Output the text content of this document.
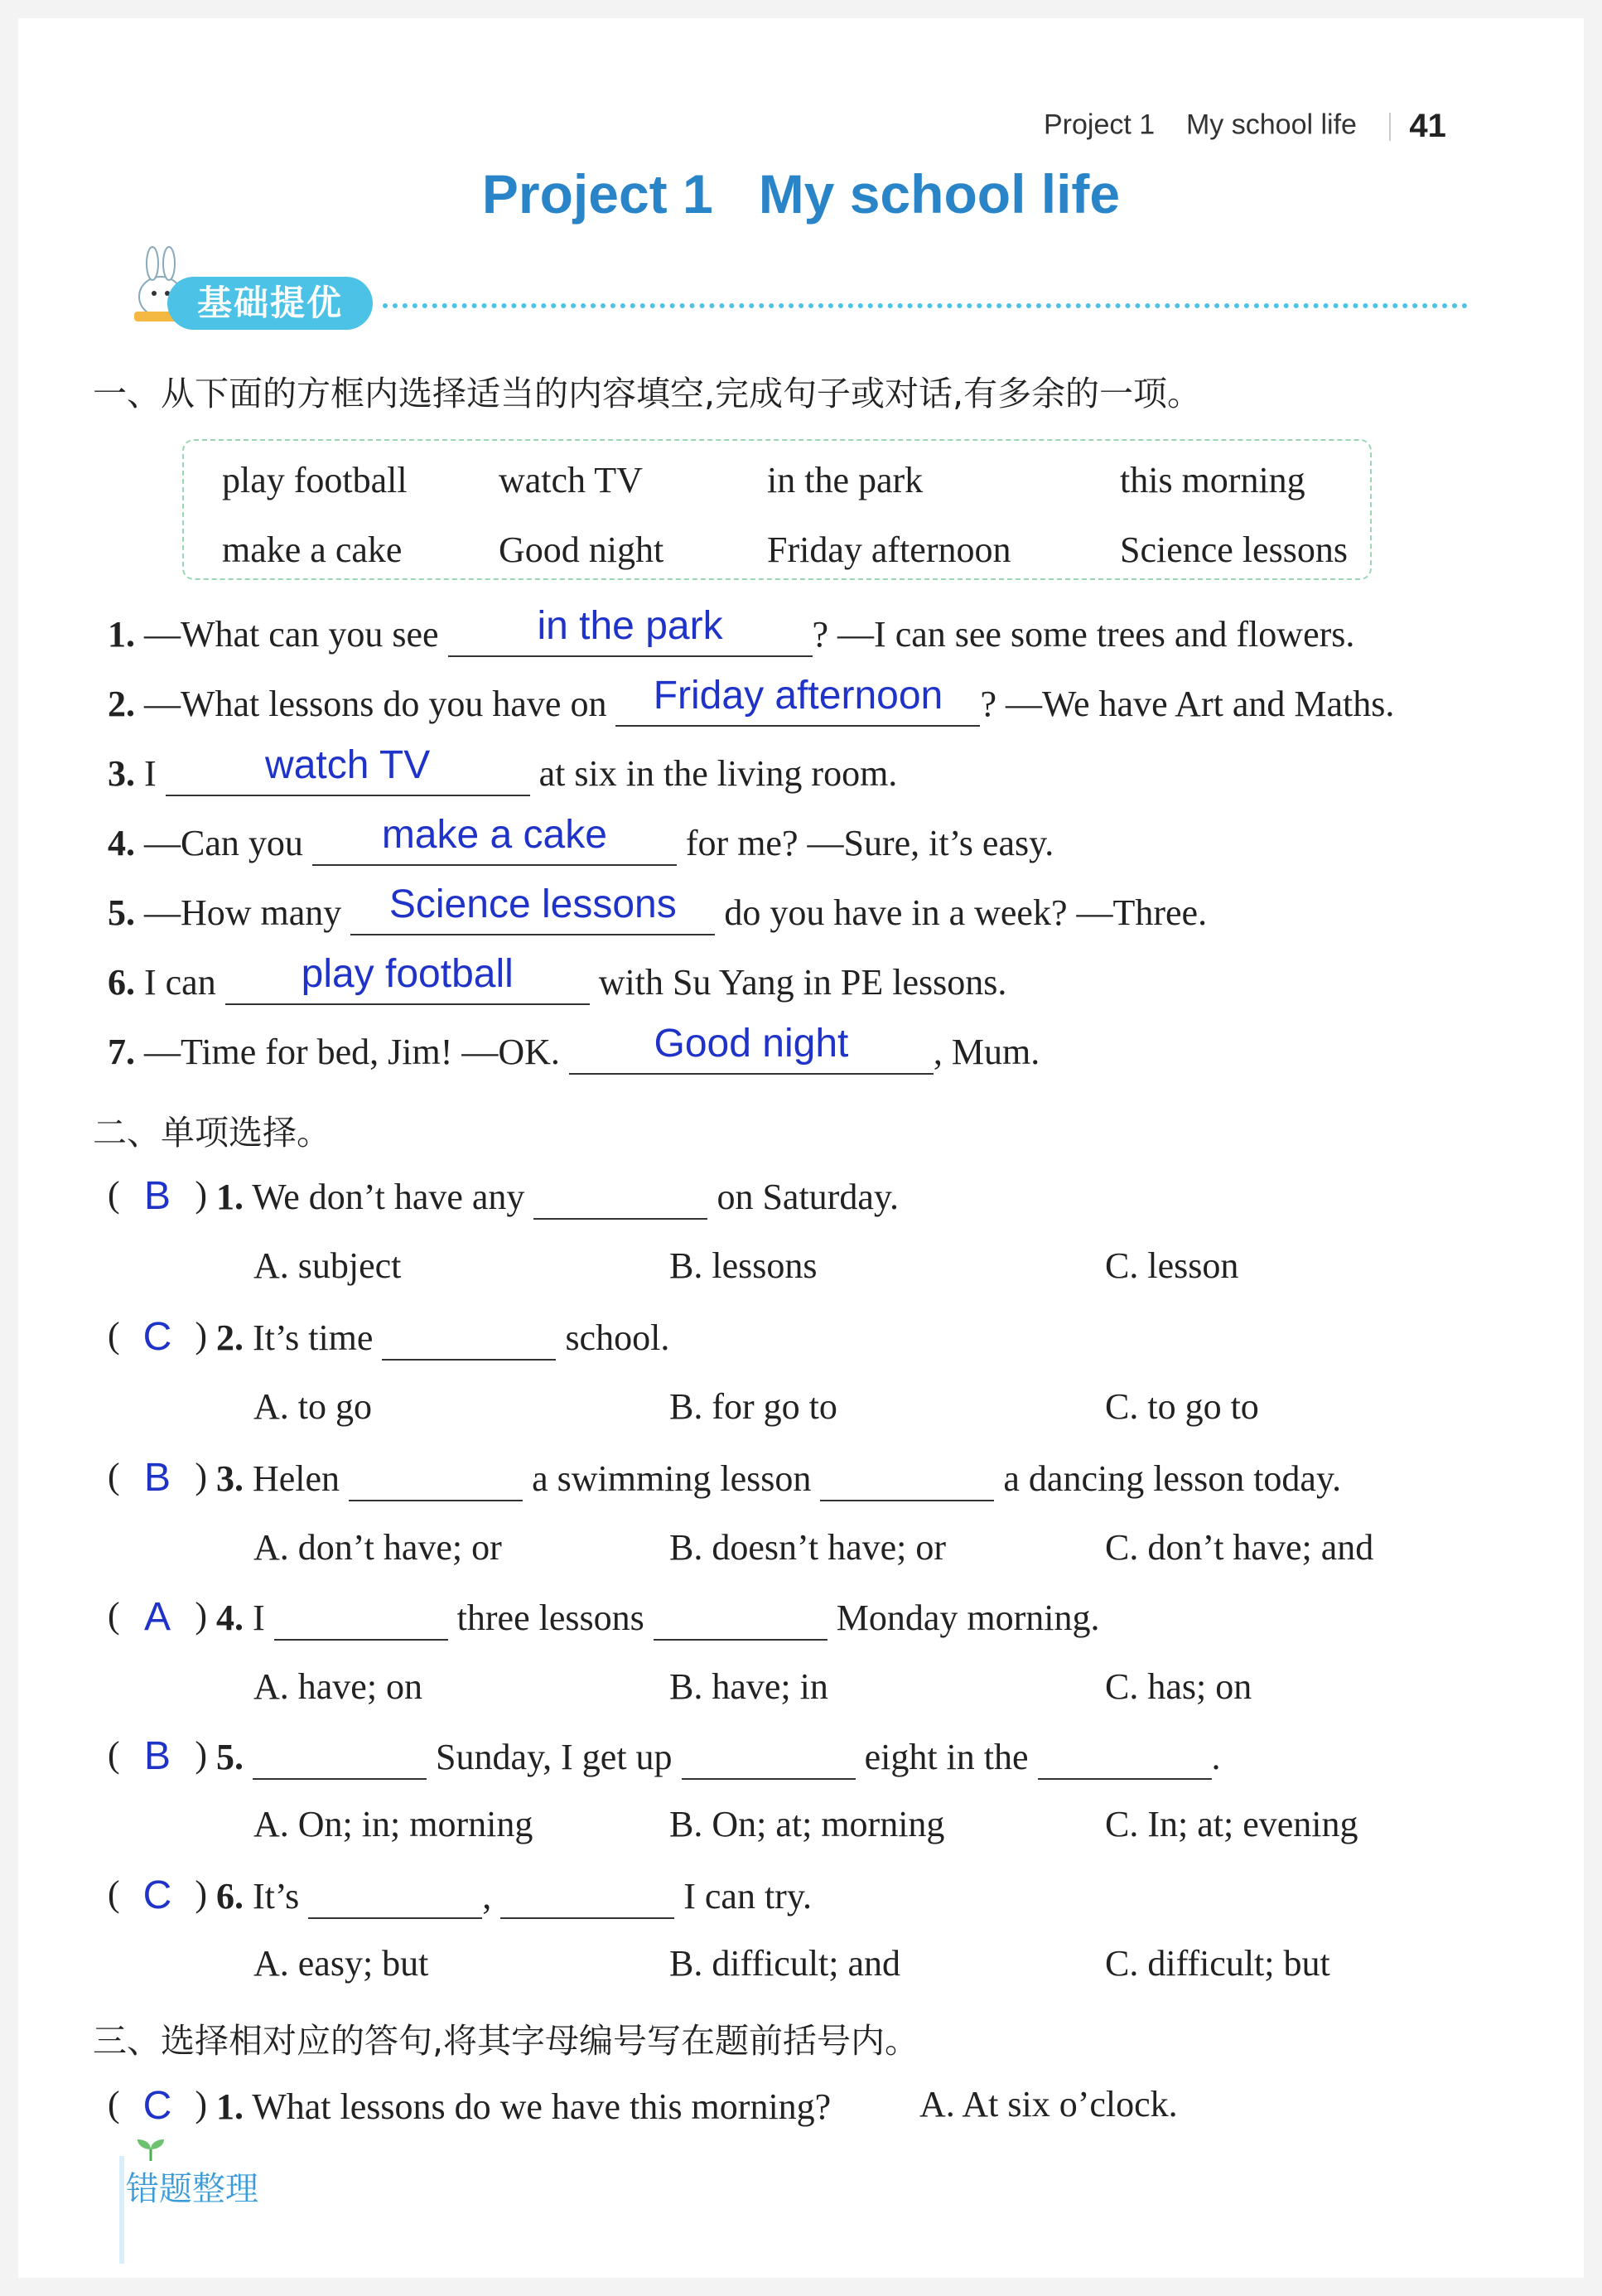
Project 1 My school life 41
Project 1   My school life
基础提优
一、从下面的方框内选择适当的内容填空,完成句子或对话,有多余的一项。
play football	watch TV	in the park	this morning
make a cake	Good night	Friday afternoon	Science lessons
1. —What can you see	in the park	? —I can see some trees and flowers.
2. —What lessons do you have on	Friday afternoon	? —We have Art and Maths.
3. I	watch TV	at six in the living room.
4. —Can you	make a cake	for me? —Sure, it’s easy.
5. —How many	Science lessons	do you have in a week? —Three.
6. I can	play football	with Su Yang in PE lessons.
7. —Time for bed, Jim! —OK.	Good night	, Mum.
二、单项选择。
( B ) 1. We don’t have any	on Saturday.
A. subject	B. lessons	C. lesson
( C ) 2. It’s time	school.
A. to go	B. for go to	C. to go to
( B ) 3. Helen	a swimming lesson	a dancing lesson today.
A. don’t have; or	B. doesn’t have; or	C. don’t have; and
( A ) 4. I	three lessons	Monday morning.
A. have; on	B. have; in	C. has; on
( B ) 5.	Sunday, I get up	eight in the	.
A. On; in; morning	B. On; at; morning	C. In; at; evening
( C ) 6. It’s	,	I can try.
A. easy; but	B. difficult; and	C. difficult; but
三、选择相对应的答句,将其字母编号写在题前括号内。
( C ) 1. What lessons do we have this morning? A. At six o’clock.
错题整理
